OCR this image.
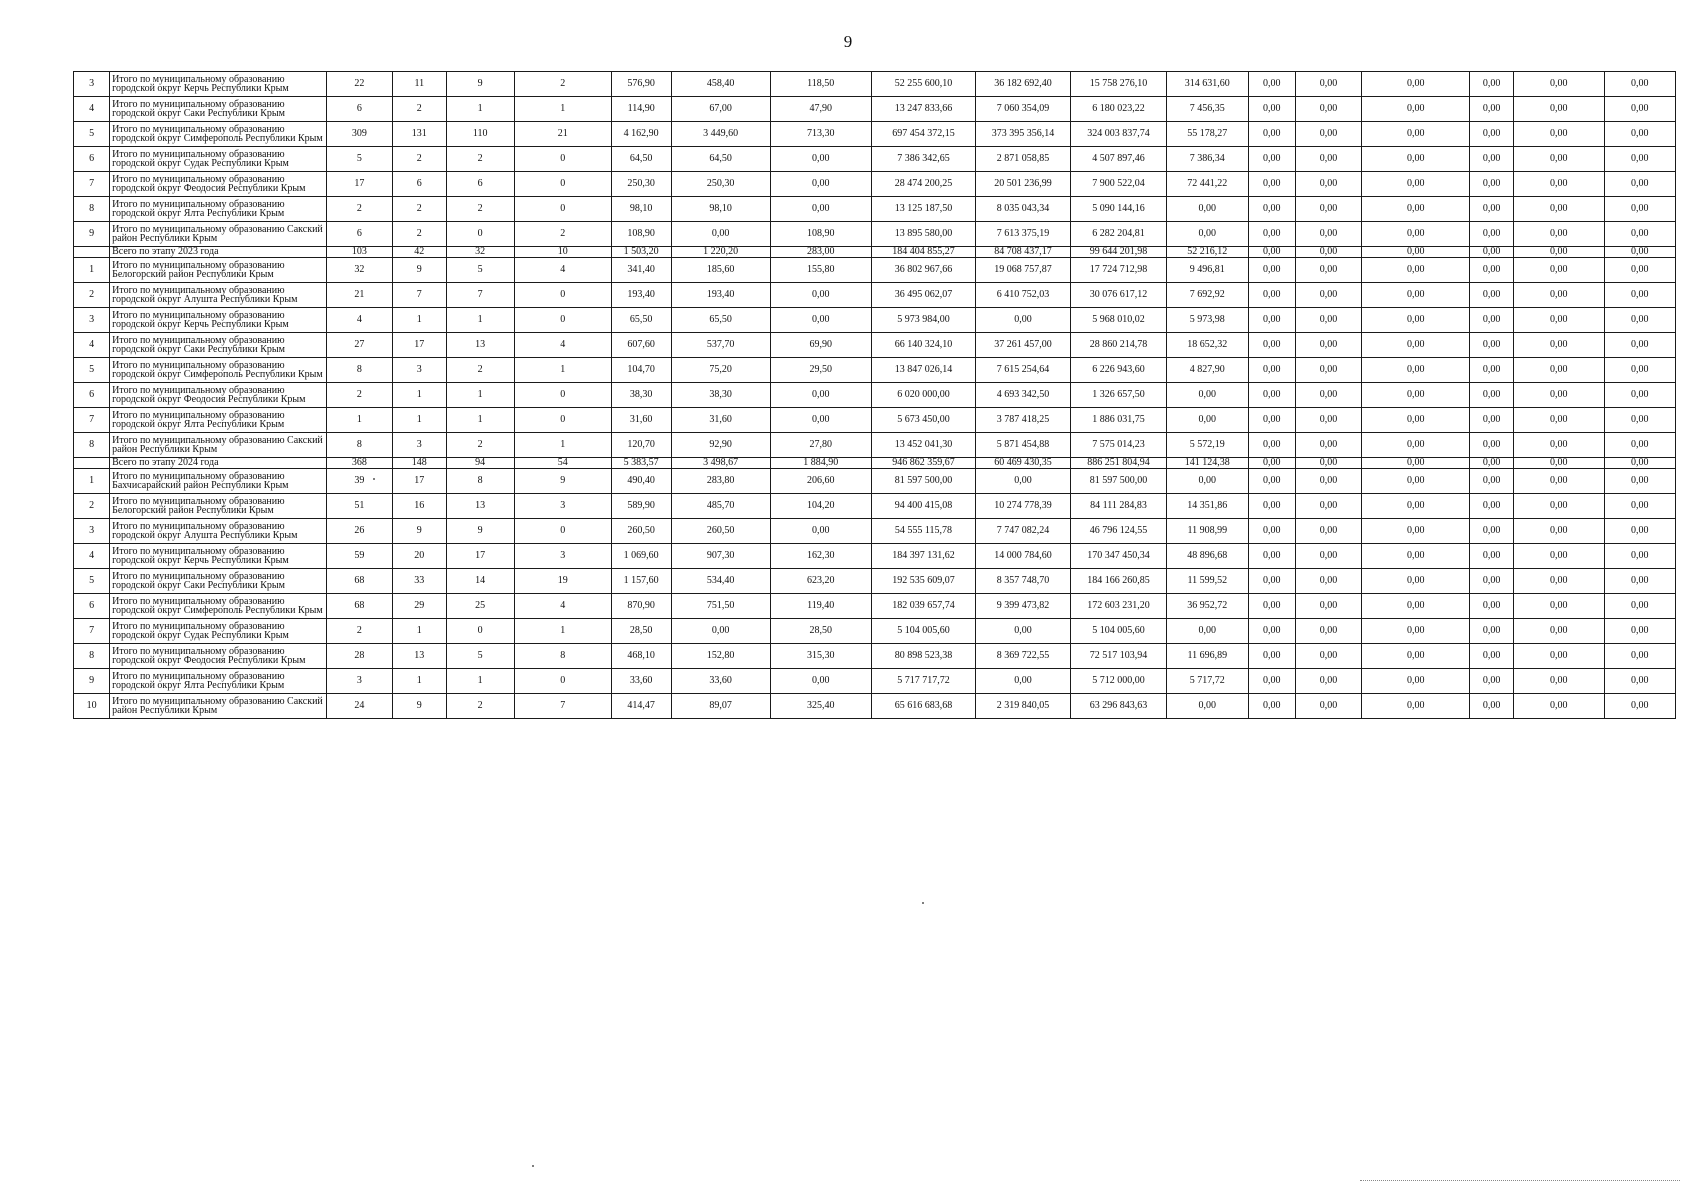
9
3	Итого по муниципальному образованию городской округ Керчь Республики Крым	22	11	9	2	576,90	458,40	118,50	52 255 600,10	36 182 692,40	15 758 276,10	314 631,60	0,00	0,00	0,00	0,00	0,00	0,00
4	Итого по муниципальному образованию городской округ Саки Республики Крым	6	2	1	1	114,90	67,00	47,90	13 247 833,66	7 060 354,09	6 180 023,22	7 456,35	0,00	0,00	0,00	0,00	0,00	0,00
5	Итого по муниципальному образованию городской округ Симферополь Республики Крым	309	131	110	21	4 162,90	3 449,60	713,30	697 454 372,15	373 395 356,14	324 003 837,74	55 178,27	0,00	0,00	0,00	0,00	0,00	0,00
6	Итого по муниципальному образованию городской округ Судак Республики Крым	5	2	2	0	64,50	64,50	0,00	7 386 342,65	2 871 058,85	4 507 897,46	7 386,34	0,00	0,00	0,00	0,00	0,00	0,00
7	Итого по муниципальному образованию городской округ Феодосия Республики Крым	17	6	6	0	250,30	250,30	0,00	28 474 200,25	20 501 236,99	7 900 522,04	72 441,22	0,00	0,00	0,00	0,00	0,00	0,00
8	Итого по муниципальному образованию городской округ Ялта Республики Крым	2	2	2	0	98,10	98,10	0,00	13 125 187,50	8 035 043,34	5 090 144,16	0,00	0,00	0,00	0,00	0,00	0,00	0,00
9	Итого по муниципальному образованию Сакский район Республики Крым	6	2	0	2	108,90	0,00	108,90	13 895 580,00	7 613 375,19	6 282 204,81	0,00	0,00	0,00	0,00	0,00	0,00	0,00
	Всего по этапу 2023 года	103	42	32	10	1 503,20	1 220,20	283,00	184 404 855,27	84 708 437,17	99 644 201,98	52 216,12	0,00	0,00	0,00	0,00	0,00	0,00
1	Итого по муниципальному образованию Белогорский район Республики Крым	32	9	5	4	341,40	185,60	155,80	36 802 967,66	19 068 757,87	17 724 712,98	9 496,81	0,00	0,00	0,00	0,00	0,00	0,00
2	Итого по муниципальному образованию городской округ Алушта Республики Крым	21	7	7	0	193,40	193,40	0,00	36 495 062,07	6 410 752,03	30 076 617,12	7 692,92	0,00	0,00	0,00	0,00	0,00	0,00
3	Итого по муниципальному образованию городской округ Керчь Республики Крым	4	1	1	0	65,50	65,50	0,00	5 973 984,00	0,00	5 968 010,02	5 973,98	0,00	0,00	0,00	0,00	0,00	0,00
4	Итого по муниципальному образованию городской округ Саки Республики Крым	27	17	13	4	607,60	537,70	69,90	66 140 324,10	37 261 457,00	28 860 214,78	18 652,32	0,00	0,00	0,00	0,00	0,00	0,00
5	Итого по муниципальному образованию городской округ Симферополь Республики Крым	8	3	2	1	104,70	75,20	29,50	13 847 026,14	7 615 254,64	6 226 943,60	4 827,90	0,00	0,00	0,00	0,00	0,00	0,00
6	Итого по муниципальному образованию городской округ Феодосия Республики Крым	2	1	1	0	38,30	38,30	0,00	6 020 000,00	4 693 342,50	1 326 657,50	0,00	0,00	0,00	0,00	0,00	0,00	0,00
7	Итого по муниципальному образованию городской округ Ялта Республики Крым	1	1	1	0	31,60	31,60	0,00	5 673 450,00	3 787 418,25	1 886 031,75	0,00	0,00	0,00	0,00	0,00	0,00	0,00
8	Итого по муниципальному образованию Сакский район Республики Крым	8	3	2	1	120,70	92,90	27,80	13 452 041,30	5 871 454,88	7 575 014,23	5 572,19	0,00	0,00	0,00	0,00	0,00	0,00
	Всего по этапу 2024 года	368	148	94	54	5 383,57	3 498,67	1 884,90	946 862 359,67	60 469 430,35	886 251 804,94	141 124,38	0,00	0,00	0,00	0,00	0,00	0,00
1	Итого по муниципальному образованию Бахчисарайский район Республики Крым	39	17	8	9	490,40	283,80	206,60	81 597 500,00	0,00	81 597 500,00	0,00	0,00	0,00	0,00	0,00	0,00	0,00
2	Итого по муниципальному образованию Белогорский район Республики Крым	51	16	13	3	589,90	485,70	104,20	94 400 415,08	10 274 778,39	84 111 284,83	14 351,86	0,00	0,00	0,00	0,00	0,00	0,00
3	Итого по муниципальному образованию городской округ Алушта Республики Крым	26	9	9	0	260,50	260,50	0,00	54 555 115,78	7 747 082,24	46 796 124,55	11 908,99	0,00	0,00	0,00	0,00	0,00	0,00
4	Итого по муниципальному образованию городской округ Керчь Республики Крым	59	20	17	3	1 069,60	907,30	162,30	184 397 131,62	14 000 784,60	170 347 450,34	48 896,68	0,00	0,00	0,00	0,00	0,00	0,00
5	Итого по муниципальному образованию городской округ Саки Республики Крым	68	33	14	19	1 157,60	534,40	623,20	192 535 609,07	8 357 748,70	184 166 260,85	11 599,52	0,00	0,00	0,00	0,00	0,00	0,00
6	Итого по муниципальному образованию городской округ Симферополь Республики Крым	68	29	25	4	870,90	751,50	119,40	182 039 657,74	9 399 473,82	172 603 231,20	36 952,72	0,00	0,00	0,00	0,00	0,00	0,00
7	Итого по муниципальному образованию городской округ Судак Республики Крым	2	1	0	1	28,50	0,00	28,50	5 104 005,60	0,00	5 104 005,60	0,00	0,00	0,00	0,00	0,00	0,00	0,00
8	Итого по муниципальному образованию городской округ Феодосия Республики Крым	28	13	5	8	468,10	152,80	315,30	80 898 523,38	8 369 722,55	72 517 103,94	11 696,89	0,00	0,00	0,00	0,00	0,00	0,00
9	Итого по муниципальному образованию городской округ Ялта Республики Крым	3	1	1	0	33,60	33,60	0,00	5 717 717,72	0,00	5 712 000,00	5 717,72	0,00	0,00	0,00	0,00	0,00	0,00
10	Итого по муниципальному образованию Сакский район Республики Крым	24	9	2	7	414,47	89,07	325,40	65 616 683,68	2 319 840,05	63 296 843,63	0,00	0,00	0,00	0,00	0,00	0,00	0,00
